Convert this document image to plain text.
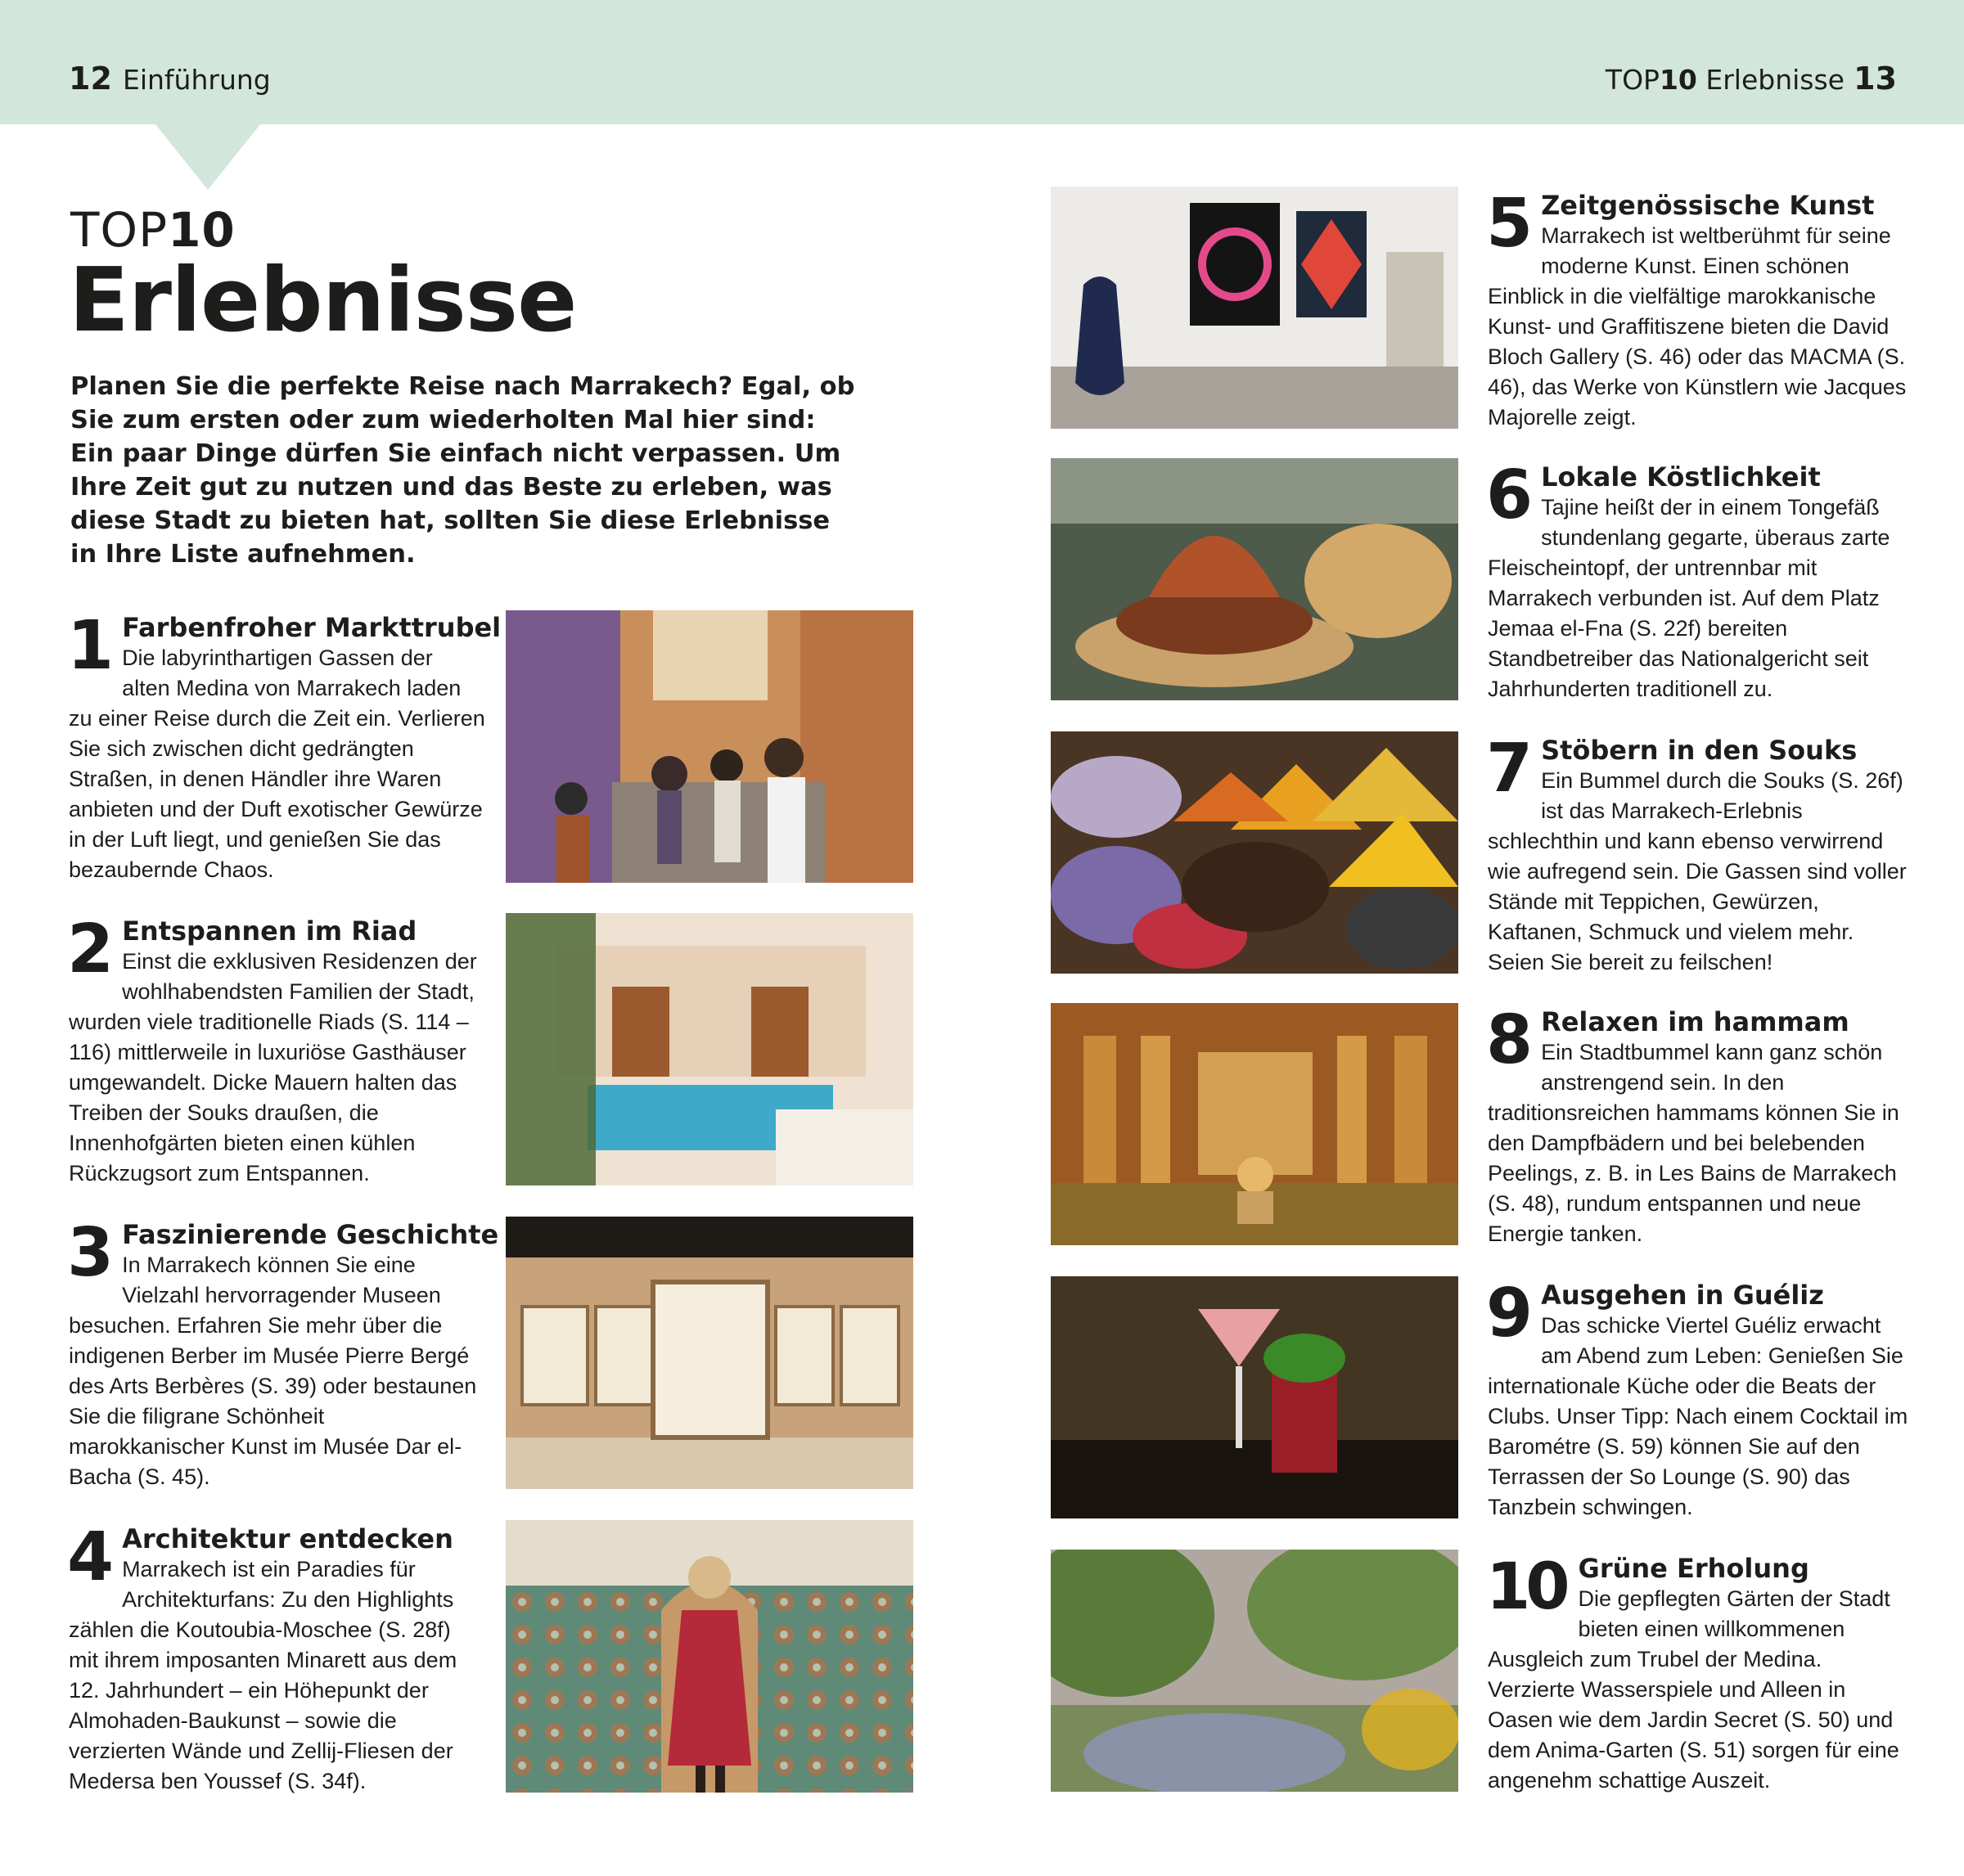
12 Einführung	TOP10 Erlebnisse 13
TOP10
Erlebnisse
Planen Sie die perfekte Reise nach Marrakech? Egal, ob Sie zum ersten oder zum wiederholten Mal hier sind: Ein paar Dinge dürfen Sie einfach nicht verpassen. Um Ihre Zeit gut zu nutzen und das Beste zu erleben, was diese Stadt zu bieten hat, sollten Sie diese Erlebnisse in Ihre Liste aufnehmen.
1 Farbenfroher Markttrubel
Die labyrinthartigen Gassen der alten Medina von Marrakech laden zu einer Reise durch die Zeit ein. Verlieren Sie sich zwischen dicht gedrängten Straßen, in denen Händler ihre Waren anbieten und der Duft exotischer Gewürze in der Luft liegt, und genießen Sie das bezaubernde Chaos.
2 Entspannen im Riad
Einst die exklusiven Residenzen der wohlhabendsten Familien der Stadt, wurden viele traditionelle Riads (S. 114 – 116) mittlerweile in luxuriöse Gasthäuser umgewandelt. Dicke Mauern halten das Treiben der Souks draußen, die Innenhofgärten bieten einen kühlen Rückzugsort zum Entspannen.
3 Faszinierende Geschichte
In Marrakech können Sie eine Vielzahl hervorragender Museen besuchen. Erfahren Sie mehr über die indigenen Berber im Musée Pierre Bergé des Arts Berbères (S. 39) oder bestaunen Sie die filigrane Schönheit marokkanischer Kunst im Musée Dar el-Bacha (S. 45).
4 Architektur entdecken
Marrakech ist ein Paradies für Architekturfans: Zu den Highlights zählen die Koutoubia-Moschee (S. 28f) mit ihrem imposanten Minarett aus dem 12. Jahrhundert – ein Höhepunkt der Almohaden-Baukunst – sowie die verzierten Wände und Zellij-Fliesen der Medersa ben Youssef (S. 34f).
5 Zeitgenössische Kunst
Marrakech ist weltberühmt für seine moderne Kunst. Einen schönen Einblick in die vielfältige marokkanische Kunst- und Graffitiszene bieten die David Bloch Gallery (S. 46) oder das MACMA (S. 46), das Werke von Künstlern wie Jacques Majorelle zeigt.
6 Lokale Köstlichkeit
Tajine heißt der in einem Tongefäß stundenlang gegarte, überaus zarte Fleischeintopf, der untrennbar mit Marrakech verbunden ist. Auf dem Platz Jemaa el-Fna (S. 22f) bereiten Standbetreiber das Nationalgericht seit Jahrhunderten traditionell zu.
7 Stöbern in den Souks
Ein Bummel durch die Souks (S. 26f) ist das Marrakech-Erlebnis schlechthin und kann ebenso verwirrend wie aufregend sein. Die Gassen sind voller Stände mit Teppichen, Gewürzen, Kaftanen, Schmuck und vielem mehr. Seien Sie bereit zu feilschen!
8 Relaxen im hammam
Ein Stadtbummel kann ganz schön anstrengend sein. In den traditionsreichen hammams können Sie in den Dampfbädern und bei belebenden Peelings, z. B. in Les Bains de Marrakech (S. 48), rundum entspannen und neue Energie tanken.
9 Ausgehen in Guéliz
Das schicke Viertel Guéliz erwacht am Abend zum Leben: Genießen Sie internationale Küche oder die Beats der Clubs. Unser Tipp: Nach einem Cocktail im Barométre (S. 59) können Sie auf den Terrassen der So Lounge (S. 90) das Tanzbein schwingen.
10 Grüne Erholung
Die gepflegten Gärten der Stadt bieten einen willkommenen Ausgleich zum Trubel der Medina. Verzierte Wasserspiele und Alleen in Oasen wie dem Jardin Secret (S. 50) und dem Anima-Garten (S. 51) sorgen für eine angenehm schattige Auszeit.
